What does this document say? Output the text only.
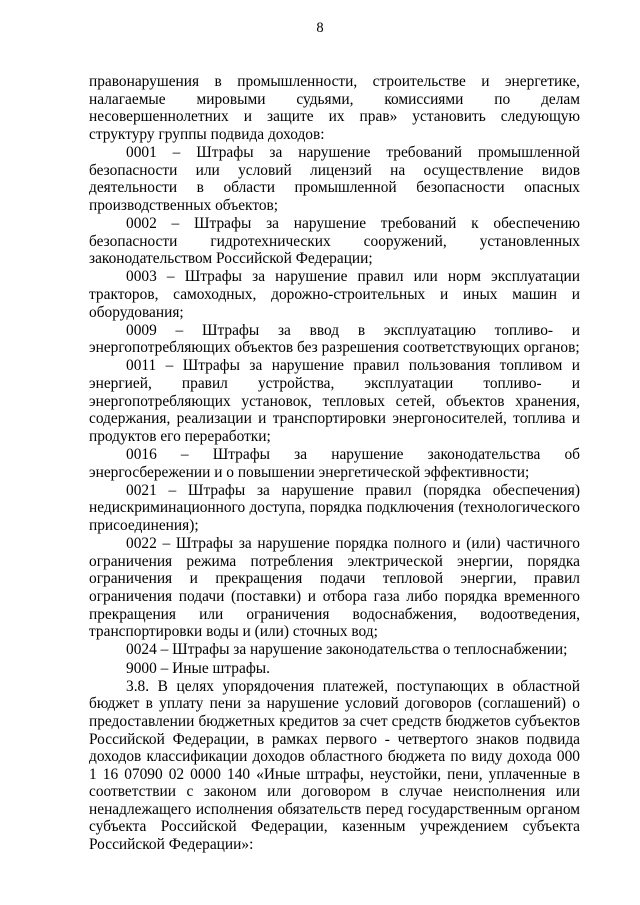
8

правонарушения в промышленности, строительстве и энергетике, налагаемые мировыми судьями, комиссиями по делам несовершеннолетних и защите их прав» установить следующую структуру группы подвида доходов:

0001 – Штрафы за нарушение требований промышленной безопасности или условий лицензий на осуществление видов деятельности в области промышленной безопасности опасных производственных объектов;

0002 – Штрафы за нарушение требований к обеспечению безопасности гидротехнических сооружений, установленных законодательством Российской Федерации;

0003 – Штрафы за нарушение правил или норм эксплуатации тракторов, самоходных, дорожно-строительных и иных машин и оборудования;

0009 – Штрафы за ввод в эксплуатацию топливо- и энергопотребляющих объектов без разрешения соответствующих органов;

0011 – Штрафы за нарушение правил пользования топливом и энергией, правил устройства, эксплуатации топливо- и энергопотребляющих установок, тепловых сетей, объектов хранения, содержания, реализации и транспортировки энергоносителей, топлива и продуктов его переработки;

0016 – Штрафы за нарушение законодательства об энергосбережении и о повышении энергетической эффективности;

0021 – Штрафы за нарушение правил (порядка обеспечения) недискриминационного доступа, порядка подключения (технологического присоединения);

0022 – Штрафы за нарушение порядка полного и (или) частичного ограничения режима потребления электрической энергии, порядка ограничения и прекращения подачи тепловой энергии, правил ограничения подачи (поставки) и отбора газа либо порядка временного прекращения или ограничения водоснабжения, водоотведения, транспортировки воды и (или) сточных вод;

0024 – Штрафы за нарушение законодательства о теплоснабжении;

9000 – Иные штрафы.

3.8. В целях упорядочения платежей, поступающих в областной бюджет в уплату пени за нарушение условий договоров (соглашений) о предоставлении бюджетных кредитов за счет средств бюджетов субъектов Российской Федерации, в рамках первого - четвертого знаков подвида доходов классификации доходов областного бюджета по виду дохода 000 1 16 07090 02 0000 140 «Иные штрафы, неустойки, пени, уплаченные в соответствии с законом или договором в случае неисполнения или ненадлежащего исполнения обязательств перед государственным органом субъекта Российской Федерации, казенным учреждением субъекта Российской Федерации»:
